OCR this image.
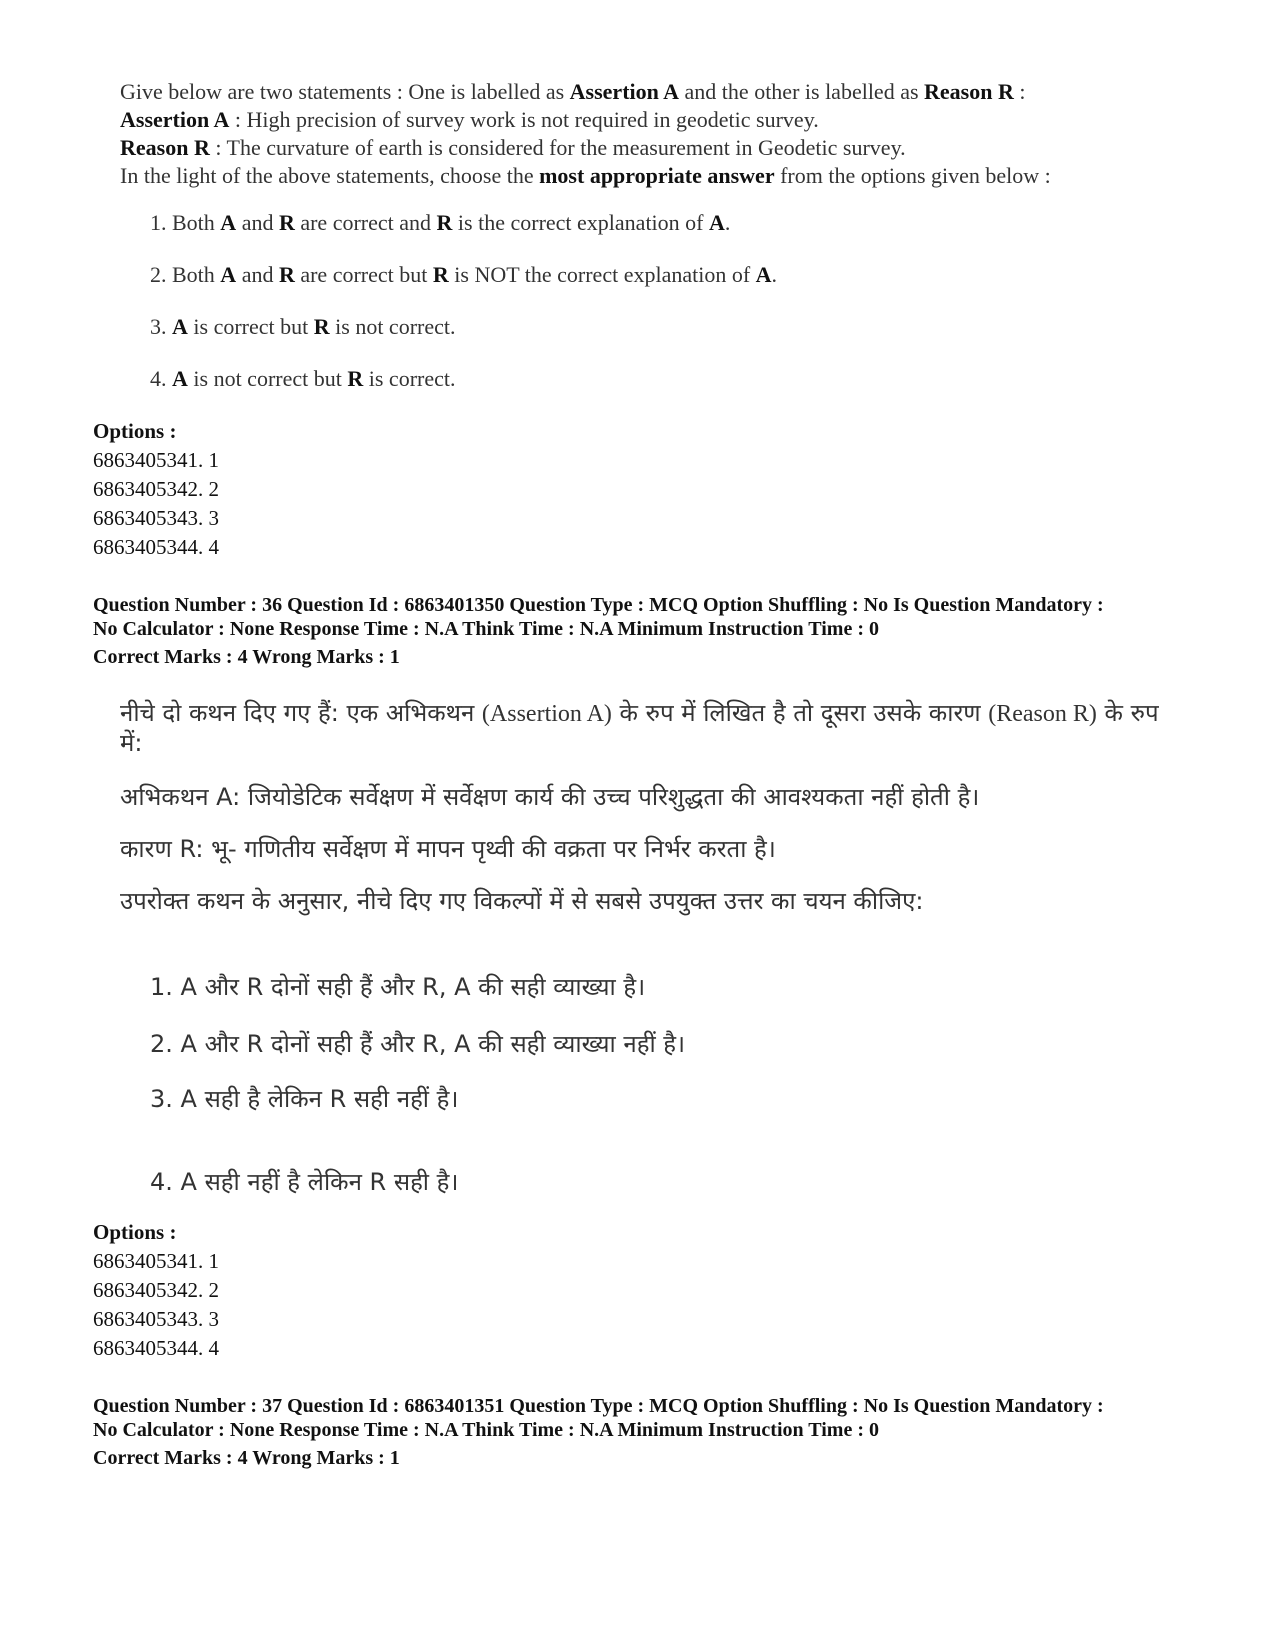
Give below are two statements : One is labelled as Assertion A and the other is labelled as Reason R :

Assertion A : High precision of survey work is not required in geodetic survey.

Reason R : The curvature of earth is considered for the measurement in Geodetic survey.

In the light of the above statements, choose the most appropriate answer from the options given below :

1. Both A and R are correct and R is the correct explanation of A.
2. Both A and R are correct but R is NOT the correct explanation of A.
3. A is correct but R is not correct.
4. A is not correct but R is correct.
Options :
6863405341. 1
6863405342. 2
6863405343. 3
6863405344. 4
Question Number : 36 Question Id : 6863401350 Question Type : MCQ Option Shuffling : No Is Question Mandatory :
No Calculator : None Response Time : N.A Think Time : N.A Minimum Instruction Time : 0
Correct Marks : 4 Wrong Marks : 1
नीचे दो कथन दिए गए हैं: एक अभिकथन (Assertion A) के रुप में लिखित है तो दूसरा उसके कारण (Reason R) के रुप
में:
अभिकथन A: जियोडेटिक सर्वेक्षण में सर्वेक्षण कार्य की उच्च परिशुद्धता की आवश्यकता नहीं होती है।
कारण R: भू- गणितीय सर्वेक्षण में मापन पृथ्वी की वक्रता पर निर्भर करता है।
उपरोक्त कथन के अनुसार, नीचे दिए गए विकल्पों में से सबसे उपयुक्त उत्तर का चयन कीजिए:
1. A और R दोनों सही हैं और R, A की सही व्याख्या है।
2. A और R दोनों सही हैं और R, A की सही व्याख्या नहीं है।
3. A सही है लेकिन R सही नहीं है।
4. A सही नहीं है लेकिन R सही है।
Options :
6863405341. 1
6863405342. 2
6863405343. 3
6863405344. 4
Question Number : 37 Question Id : 6863401351 Question Type : MCQ Option Shuffling : No Is Question Mandatory :
No Calculator : None Response Time : N.A Think Time : N.A Minimum Instruction Time : 0
Correct Marks : 4 Wrong Marks : 1
